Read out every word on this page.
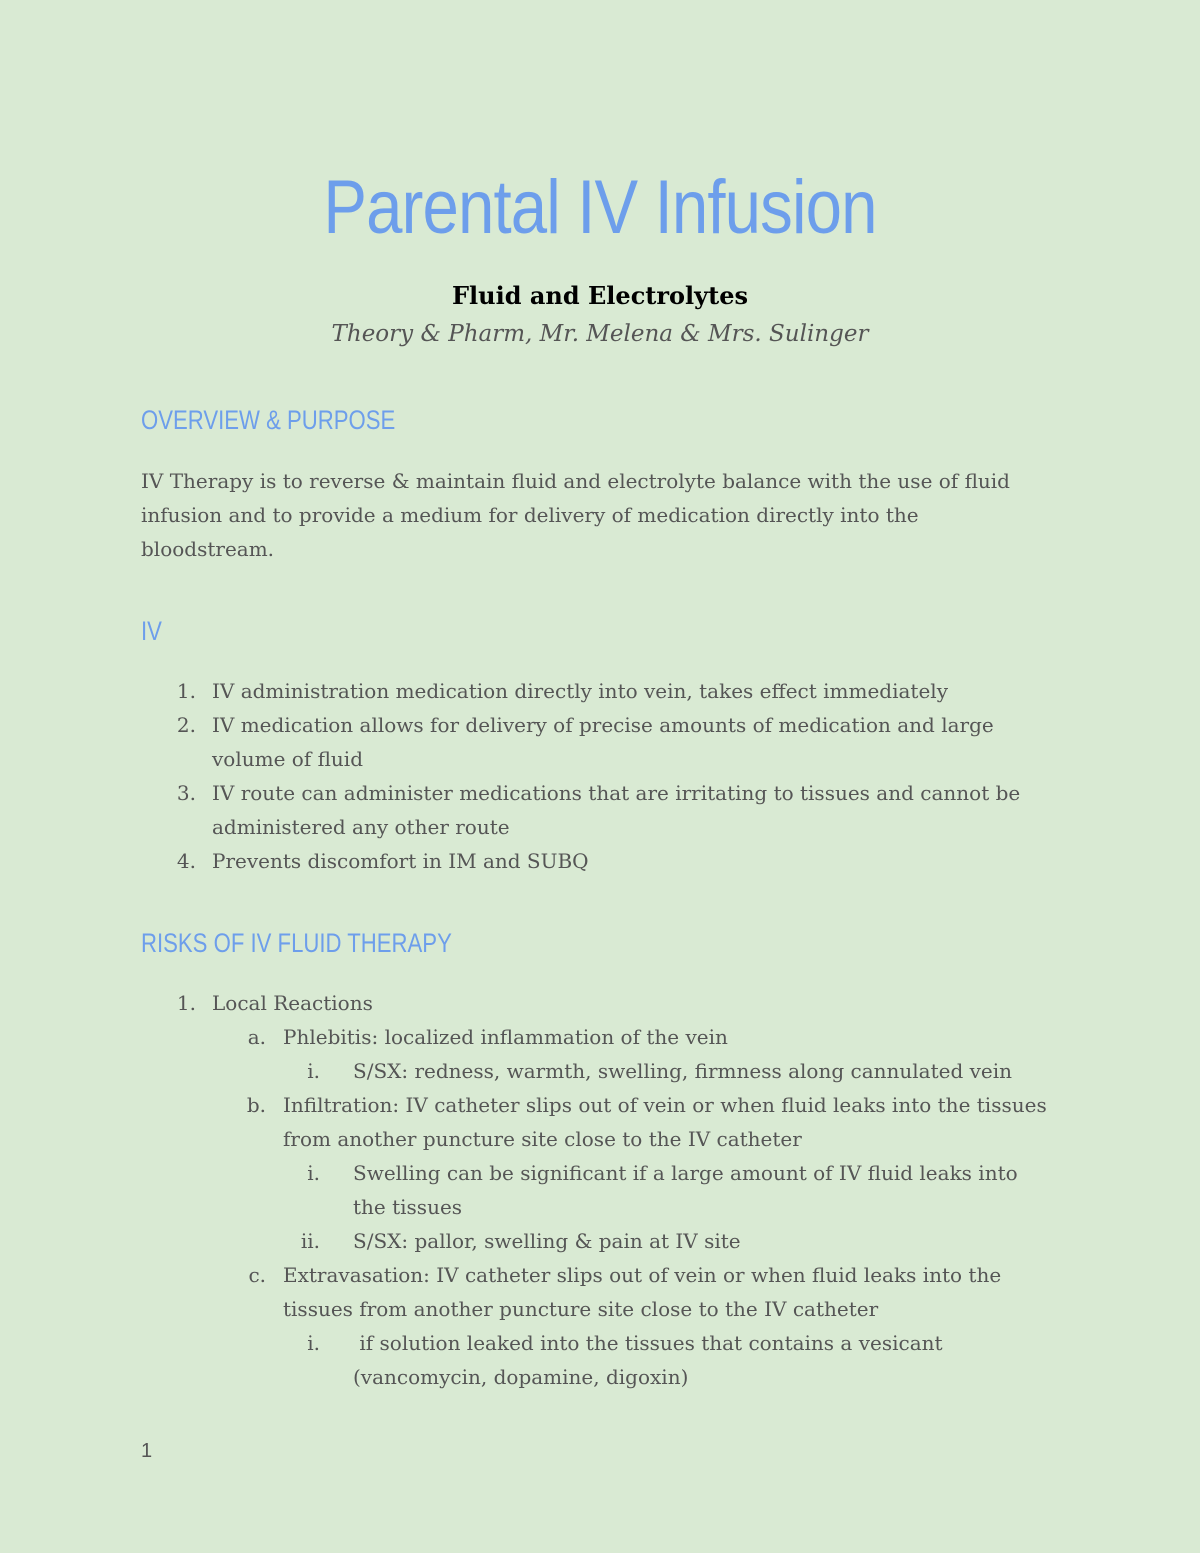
Parental IV Infusion
Fluid and Electrolytes
Theory & Pharm, Mr. Melena & Mrs. Sulinger
OVERVIEW & PURPOSE
IV Therapy is to reverse & maintain fluid and electrolyte balance with the use of fluid
infusion and to provide a medium for delivery of medication directly into the
bloodstream.
IV
1. IV administration medication directly into vein, takes effect immediately
2. IV medication allows for delivery of precise amounts of medication and large
volume of fluid
3. IV route can administer medications that are irritating to tissues and cannot be
administered any other route
4. Prevents discomfort in IM and SUBQ
RISKS OF IV FLUID THERAPY
1. Local Reactions
a. Phlebitis: localized inflammation of the vein
i. S/SX: redness, warmth, swelling, firmness along cannulated vein
b. Infiltration: IV catheter slips out of vein or when fluid leaks into the tissues
from another puncture site close to the IV catheter
i. Swelling can be significant if a large amount of IV fluid leaks into
the tissues
ii. S/SX: pallor, swelling & pain at IV site
c. Extravasation: IV catheter slips out of vein or when fluid leaks into the
tissues from another puncture site close to the IV catheter
i. if solution leaked into the tissues that contains a vesicant
(vancomycin, dopamine, digoxin)
1
